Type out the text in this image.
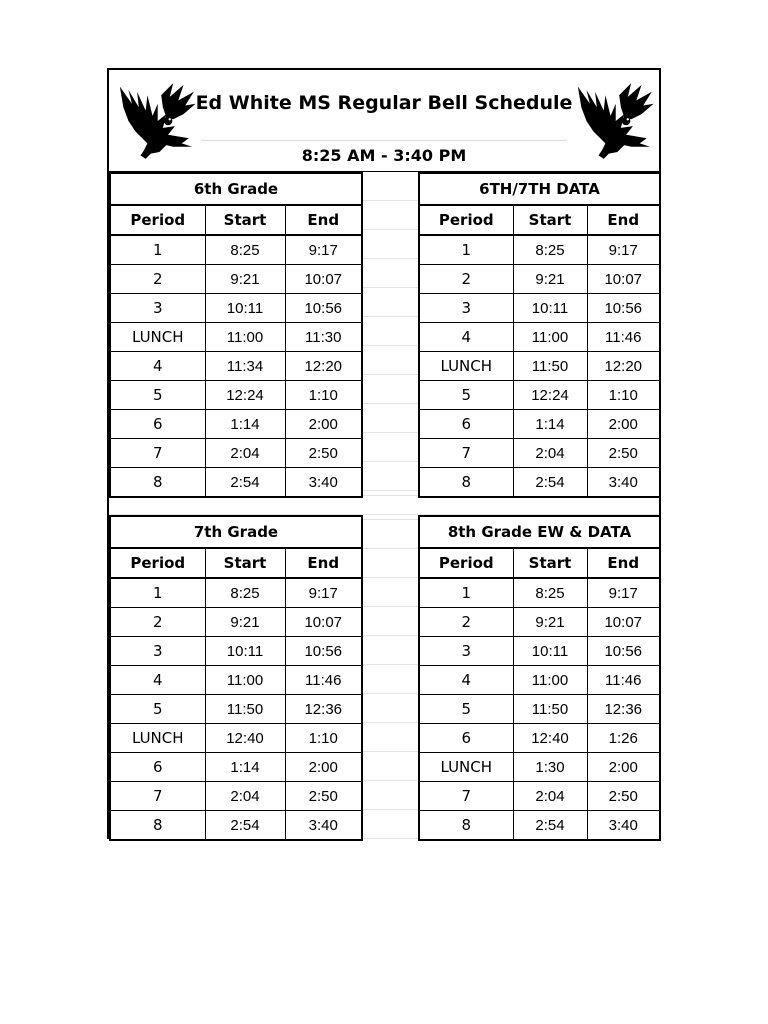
Ed White MS Regular Bell Schedule
8:25 AM - 3:40 PM
6th Grade
Period	Start	End
1	8:25	9:17
2	9:21	10:07
3	10:11	10:56
LUNCH	11:00	11:30
4	11:34	12:20
5	12:24	1:10
6	1:14	2:00
7	2:04	2:50
8	2:54	3:40
6TH/7TH DATA
Period	Start	End
1	8:25	9:17
2	9:21	10:07
3	10:11	10:56
4	11:00	11:46
LUNCH	11:50	12:20
5	12:24	1:10
6	1:14	2:00
7	2:04	2:50
8	2:54	3:40
7th Grade
Period	Start	End
1	8:25	9:17
2	9:21	10:07
3	10:11	10:56
4	11:00	11:46
5	11:50	12:36
LUNCH	12:40	1:10
6	1:14	2:00
7	2:04	2:50
8	2:54	3:40
8th Grade EW & DATA
Period	Start	End
1	8:25	9:17
2	9:21	10:07
3	10:11	10:56
4	11:00	11:46
5	11:50	12:36
6	12:40	1:26
LUNCH	1:30	2:00
7	2:04	2:50
8	2:54	3:40
